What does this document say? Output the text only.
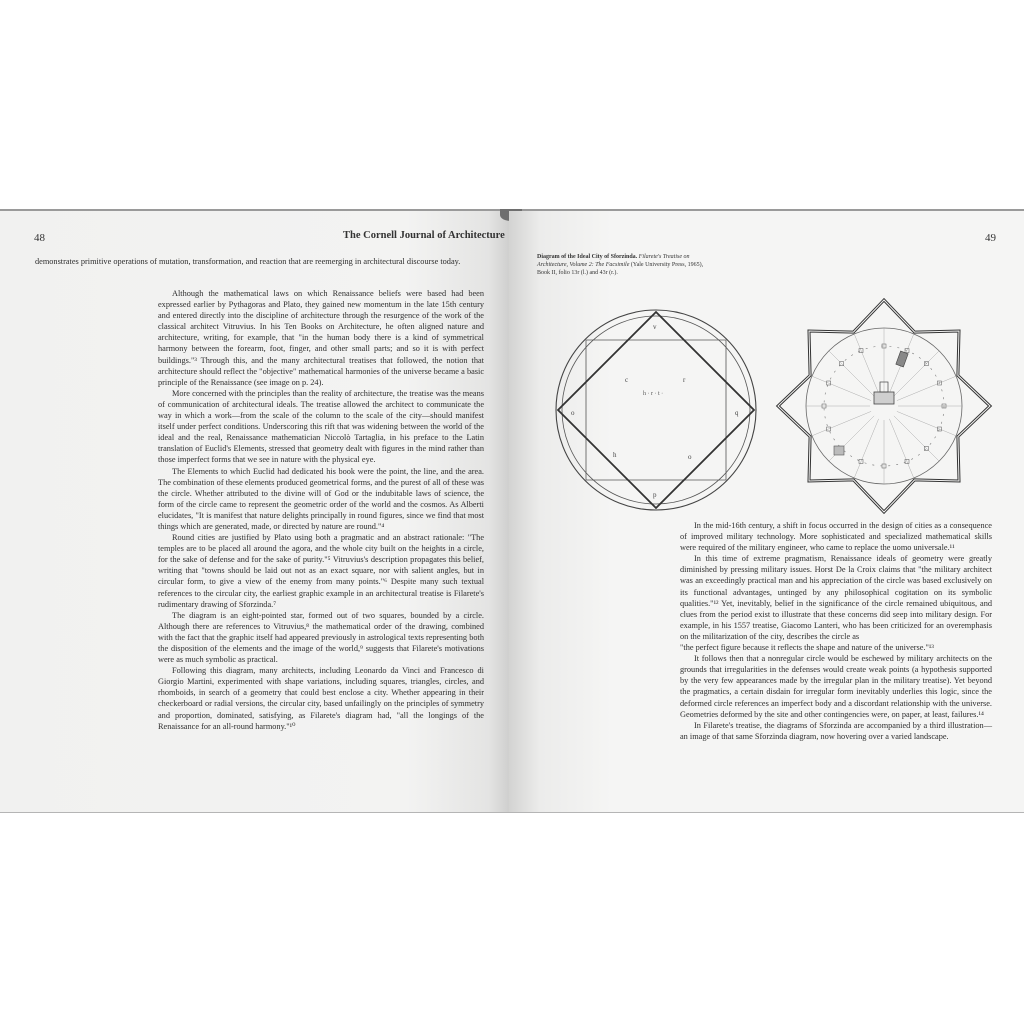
48	The Cornell Journal of Architecture

demonstrates primitive operations of mutation, transformation, and reaction that are reemerging in architectural discourse today.

Although the mathematical laws on which Renaissance beliefs were based had been expressed earlier by Pythagoras and Plato, they gained new momentum in the late 15th century and entered directly into the discipline of architecture through the resurgence of the work of the classical architect Vitruvius. In his Ten Books on Architecture, he often aligned nature and architecture, writing, for example, that "in the human body there is a kind of symmetrical harmony between the forearm, foot, finger, and other small parts; and so it is with perfect buildings."³ Through this, and the many architectural treatises that followed, the notion that architecture should reflect the "objective" mathematical harmonies of the universe became a basic principle of the Renaissance (see image on p. 24).

More concerned with the principles than the reality of architecture, the treatise was the means of communication of architectural ideals. The treatise allowed the architect to communicate the way in which a work—from the scale of the column to the scale of the city—should manifest itself under perfect conditions. Underscoring this rift that was widening between the world of the ideal and the real, Renaissance mathematician Niccolò Tartaglia, in his preface to the Latin translation of Euclid's Elements, stressed that geometry dealt with figures in the mind rather than those imperfect forms that we see in nature with the physical eye.

The Elements to which Euclid had dedicated his book were the point, the line, and the area. The combination of these elements produced geometrical forms, and the purest of all of these was the circle. Whether attributed to the divine will of God or the indubitable laws of science, the form of the circle came to represent the geometric order of the world and the cosmos. As Alberti elucidates, "It is manifest that nature delights principally in round figures, since we find that most things which are generated, made, or directed by nature are round."⁴

Round cities are justified by Plato using both a pragmatic and an abstract rationale: "The temples are to be placed all around the agora, and the whole city built on the heights in a circle, for the sake of defense and for the sake of purity."⁵ Vitruvius's description propagates this belief, writing that "towns should be laid out not as an exact square, nor with salient angles, but in circular form, to give a view of the enemy from many points."⁶ Despite many such textual references to the circular city, the earliest graphic example in an architectural treatise is Filarete's rudimentary drawing of Sforzinda.⁷

The diagram is an eight-pointed star, formed out of two squares, bounded by a circle. Although there are references to Vitruvius,⁸ the mathematical order of the drawing, combined with the fact that the graphic itself had appeared previously in astrological texts representing both the disposition of the elements and the image of the world,⁹ suggests that Filarete's motivations were as much symbolic as practical.

Following this diagram, many architects, including Leonardo da Vinci and Francesco di Giorgio Martini, experimented with shape variations, including squares, triangles, circles, and rhomboids, in search of a geometry that could best enclose a city. Whether appearing in their checkerboard or radial versions, the circular city, based unfailingly on the principles of symmetry and proportion, dominated, satisfying, as Filarete's diagram had, "all the longings of the Renaissance for an all-round harmony."¹⁰

49
Diagram of the Ideal City of Sforzinda. Filarete's Treatise on Architecture, Volume 2: The Facsimile (Yale University Press, 1965), Book II, folio 13r (l.) and 43r (r.).
c	r
h	o
o	q
p
v
h · r · t ·

In the mid-16th century, a shift in focus occurred in the design of cities as a consequence of improved military technology. More sophisticated and specialized mathematical skills were required of the military engineer, who came to replace the uomo universale.¹¹

In this time of extreme pragmatism, Renaissance ideals of geometry were greatly diminished by pressing military issues. Horst De la Croix claims that "the military architect was an exceedingly practical man and his appreciation of the circle was based exclusively on its functional advantages, untinged by any philosophical cogitation on its symbolic qualities."¹² Yet, inevitably, belief in the significance of the circle remained ubiquitous, and clues from the period exist to illustrate that these concerns did seep into military design. For example, in his 1557 treatise, Giacomo Lanteri, who has been criticized for an overemphasis on the militarization of the city, describes the circle as

"the perfect figure because it reflects the shape and nature of the universe."¹³

It follows then that a nonregular circle would be eschewed by military architects on the grounds that irregularities in the defenses would create weak points (a hypothesis supported by the very few appearances made by the irregular plan in the military treatise). Yet beyond the pragmatics, a certain disdain for irregular form inevitably underlies this logic, since the deformed circle references an imperfect body and a discordant relationship with the universe. Geometries deformed by the site and other contingencies were, on paper, at least, failures.¹⁴

In Filarete's treatise, the diagrams of Sforzinda are accompanied by a third illustration—an image of that same Sforzinda diagram, now hovering over a varied landscape.
